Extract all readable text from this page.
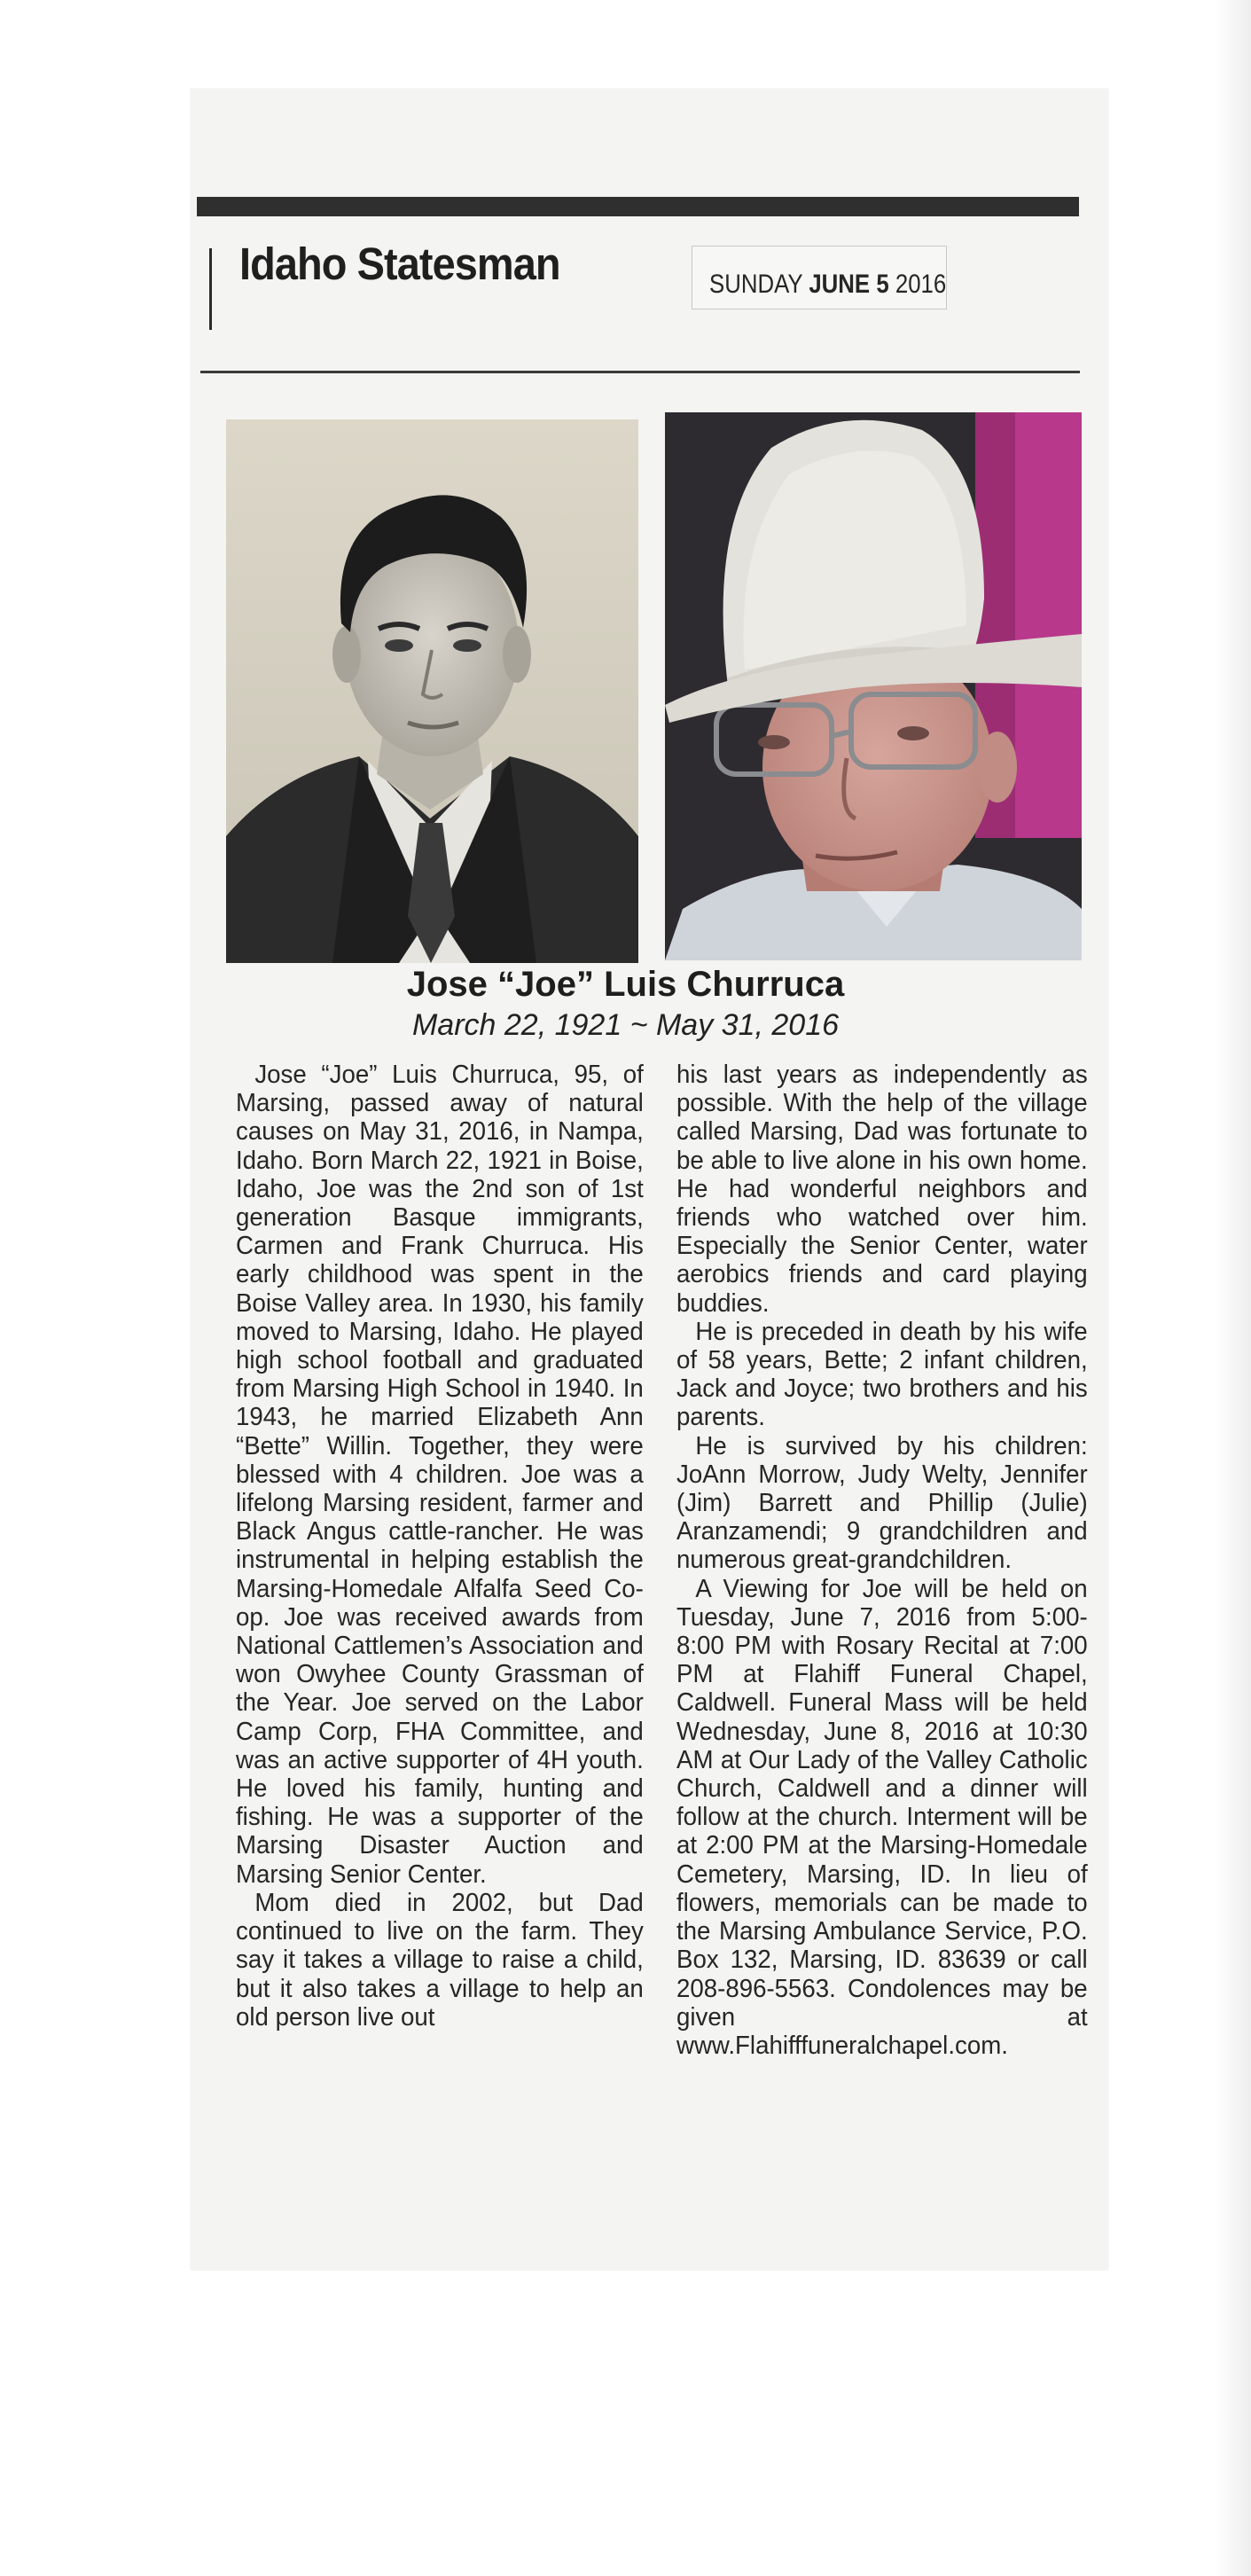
Idaho Statesman	SUNDAY JUNE 5 2016
Jose “Joe” Luis Churruca
March 22, 1921 ~ May 31, 2016

Jose “Joe” Luis Churruca, 95, of Marsing, passed away of natural causes on May 31, 2016, in Nampa, Idaho. Born March 22, 1921 in Boise, Idaho, Joe was the 2nd son of 1st generation Basque immigrants, Carmen and Frank Churruca. His early childhood was spent in the Boise Valley area. In 1930, his family moved to Marsing, Idaho. He played high school football and graduated from Marsing High School in 1940. In 1943, he married Elizabeth Ann “Bette” Willin. Together, they were blessed with 4 children. Joe was a lifelong Marsing resident, farmer and Black Angus cattle-rancher. He was instrumental in helping establish the Marsing-Homedale Alfalfa Seed Co-op. Joe was received awards from National Cattlemen’s Association and won Owyhee County Grassman of the Year. Joe served on the Labor Camp Corp, FHA Committee, and was an active supporter of 4H youth. He loved his family, hunting and fishing. He was a supporter of the Marsing Disaster Auction and Marsing Senior Center.

Mom died in 2002, but Dad continued to live on the farm. They say it takes a village to raise a child, but it also takes a village to help an old person live out

his last years as independently as possible. With the help of the village called Marsing, Dad was fortunate to be able to live alone in his own home. He had wonderful neighbors and friends who watched over him. Especially the Senior Center, water aerobics friends and card playing buddies.

He is preceded in death by his wife of 58 years, Bette; 2 infant children, Jack and Joyce; two brothers and his parents.

He is survived by his children: JoAnn Morrow, Judy Welty, Jennifer (Jim) Barrett and Phillip (Julie) Aranzamendi; 9 grandchildren and numerous great-grandchildren.

A Viewing for Joe will be held on Tuesday, June 7, 2016 from 5:00-8:00 PM with Rosary Recital at 7:00 PM at Flahiff Funeral Chapel, Caldwell. Funeral Mass will be held Wednesday, June 8, 2016 at 10:30 AM at Our Lady of the Valley Catholic Church, Caldwell and a dinner will follow at the church. Interment will be at 2:00 PM at the Marsing-Homedale Cemetery, Marsing, ID. In lieu of flowers, memorials can be made to the Marsing Ambulance Service, P.O. Box 132, Marsing, ID. 83639 or call 208-896-5563. Condolences may be given at www.Flahifffuneralchapel.com.
